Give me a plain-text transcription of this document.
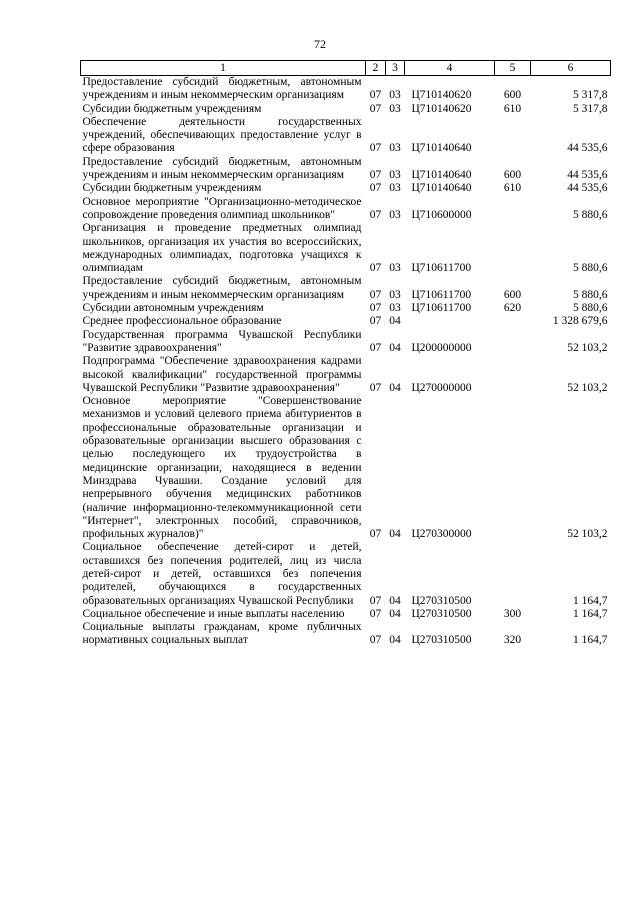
72
1	2	3	4	5	6
Предоставление субсидий бюджетным, автономным учреждениям и иным некоммерческим организациям	07	03	Ц710140620	600	5 317,8
Субсидии бюджетным учреждениям	07	03	Ц710140620	610	5 317,8
Обеспечение деятельности государственных учреждений, обеспечивающих предоставление услуг в сфере образования	07	03	Ц710140640		44 535,6
Предоставление субсидий бюджетным, автономным учреждениям и иным некоммерческим организациям	07	03	Ц710140640	600	44 535,6
Субсидии бюджетным учреждениям	07	03	Ц710140640	610	44 535,6
Основное мероприятие "Организационно-методическое сопровождение проведения олимпиад школьников"	07	03	Ц710600000		5 880,6
Организация и проведение предметных олимпиад школьников, организация их участия во всероссийских, международных олимпиадах, подготовка учащихся к олимпиадам	07	03	Ц710611700		5 880,6
Предоставление субсидий бюджетным, автономным учреждениям и иным некоммерческим организациям	07	03	Ц710611700	600	5 880,6
Субсидии автономным учреждениям	07	03	Ц710611700	620	5 880,6
Среднее профессиональное образование	07	04			1 328 679,6
Государственная программа Чувашской Республики "Развитие здравоохранения"	07	04	Ц200000000		52 103,2
Подпрограмма "Обеспечение здравоохранения кадрами высокой квалификации" государственной программы Чувашской Республики "Развитие здравоохранения"	07	04	Ц270000000		52 103,2
Основное мероприятие "Совершенствование механизмов и условий целевого приема абитуриентов в профессиональные образовательные организации и образовательные организации высшего образования с целью последующего их трудоустройства в медицинские организации, находящиеся в ведении Минздрава Чувашии. Создание условий для непрерывного обучения медицинских работников (наличие информационно-телекоммуникационной сети "Интернет", электронных пособий, справочников, профильных журналов)"	07	04	Ц270300000		52 103,2
Социальное обеспечение детей-сирот и детей, оставшихся без попечения родителей, лиц из числа детей-сирот и детей, оставшихся без попечения родителей, обучающихся в государственных образовательных организациях Чувашской Республики	07	04	Ц270310500		1 164,7
Социальное обеспечение и иные выплаты населению	07	04	Ц270310500	300	1 164,7
Социальные выплаты гражданам, кроме публичных нормативных социальных выплат	07	04	Ц270310500	320	1 164,7
